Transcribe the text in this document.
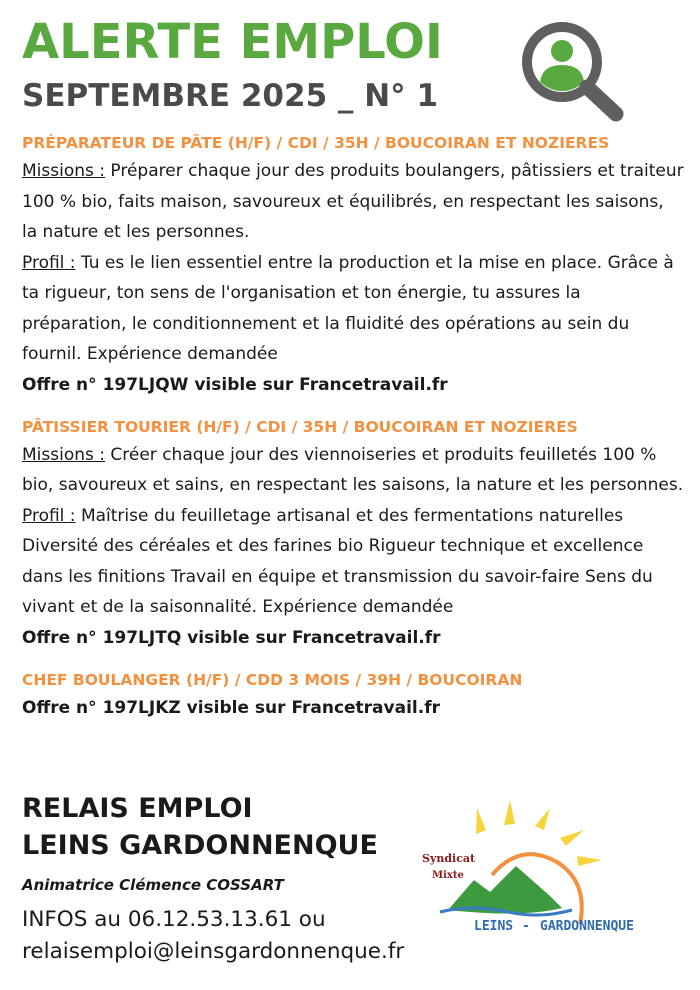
ALERTE EMPLOI
SEPTEMBRE 2025 _ N° 1
PRÉPARATEUR DE PÂTE (H/F) / CDI / 35H / BOUCOIRAN ET NOZIERES

Missions : Préparer chaque jour des produits boulangers, pâtissiers et traiteur 100 % bio, faits maison, savoureux et équilibrés, en respectant les saisons, la nature et les personnes.

Profil : Tu es le lien essentiel entre la production et la mise en place. Grâce à ta rigueur, ton sens de l'organisation et ton énergie, tu assures la préparation, le conditionnement et la fluidité des opérations au sein du fournil. Expérience demandée

Offre n° 197LJQW visible sur Francetravail.fr

PÂTISSIER TOURIER (H/F) / CDI / 35H / BOUCOIRAN ET NOZIERES

Missions : Créer chaque jour des viennoiseries et produits feuilletés 100 % bio, savoureux et sains, en respectant les saisons, la nature et les personnes.

Profil : Maîtrise du feuilletage artisanal et des fermentations naturelles Diversité des céréales et des farines bio Rigueur technique et excellence dans les finitions Travail en équipe et transmission du savoir-faire Sens du vivant et de la saisonnalité. Expérience demandée

Offre n° 197LJTQ visible sur Francetravail.fr

CHEF BOULANGER (H/F) / CDD 3 MOIS / 39H / BOUCOIRAN

Offre n° 197LJKZ visible sur Francetravail.fr

RELAIS EMPLOI

LEINS GARDONNENQUE

Animatrice Clémence COSSART

INFOS au 06.12.53.13.61 ou

relaisemploi@leinsgardonnenque.fr

Syndicat
Mixte
LEINS - GARDONNENQUE
